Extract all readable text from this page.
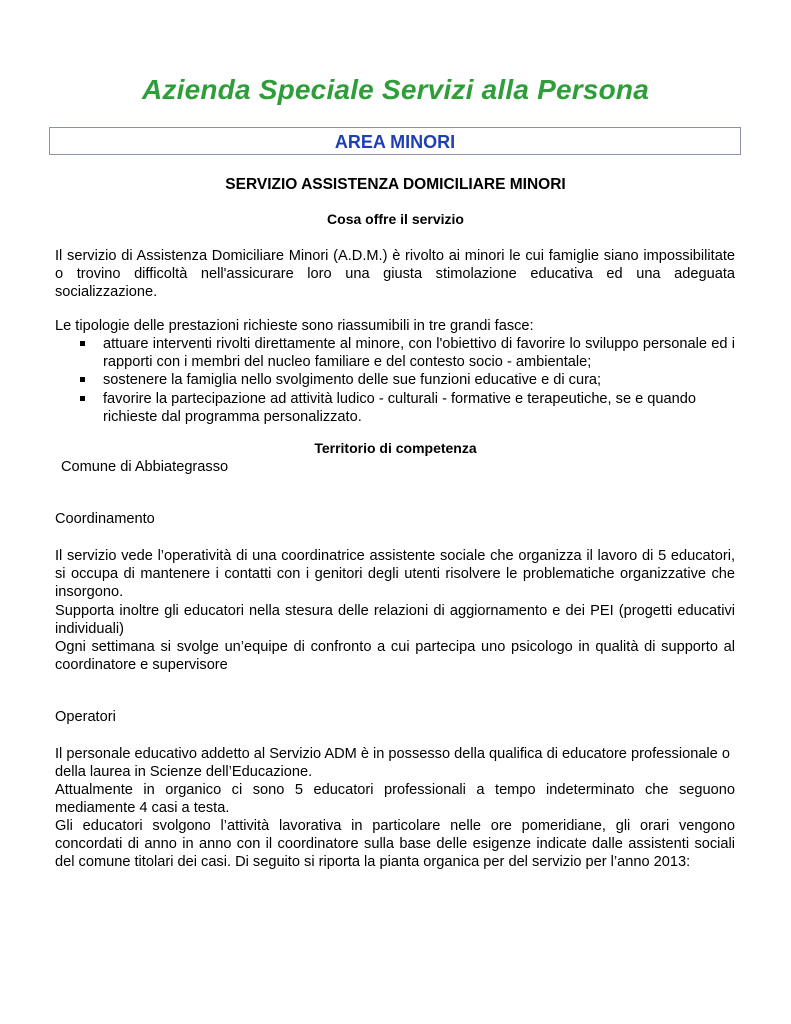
Azienda Speciale Servizi alla Persona
AREA MINORI
SERVIZIO ASSISTENZA DOMICILIARE MINORI
Cosa offre il servizio

Il servizio di Assistenza Domiciliare Minori (A.D.M.) è rivolto ai minori le cui famiglie siano impossibilitate o trovino difficoltà nell'assicurare loro una giusta stimolazione educativa ed una adeguata socializzazione.

Le tipologie delle prestazioni richieste sono riassumibili in tre grandi fasce:

attuare interventi rivolti direttamente al minore, con l'obiettivo di favorire lo sviluppo personale ed i rapporti con i membri del nucleo familiare e del contesto socio - ambientale;
sostenere la famiglia nello svolgimento delle sue funzioni educative e di cura;
favorire la partecipazione ad attività ludico - culturali - formative e terapeutiche, se e quando richieste dal programma personalizzato.
Territorio di competenza

Comune di Abbiategrasso

Coordinamento

Il servizio vede l’operatività di una coordinatrice assistente sociale che organizza il lavoro di 5 educatori, si occupa di mantenere i contatti con i genitori degli utenti risolvere le problematiche organizzative che insorgono.

Supporta inoltre gli educatori nella stesura delle relazioni di aggiornamento e dei PEI (progetti educativi individuali)

Ogni settimana si svolge un’equipe di confronto a cui partecipa uno psicologo in qualità di supporto al coordinatore e supervisore

Operatori

Il personale educativo addetto al Servizio ADM è in possesso della qualifica di educatore professionale o della laurea in Scienze dell’Educazione.

Attualmente in organico ci sono 5 educatori professionali a tempo indeterminato che seguono mediamente 4 casi a testa.

Gli educatori svolgono l’attività lavorativa in particolare nelle ore pomeridiane, gli orari vengono concordati di anno in anno con il coordinatore sulla base delle esigenze indicate dalle assistenti sociali del comune titolari dei casi. Di seguito si riporta la pianta organica per del servizio per l’anno 2013:
